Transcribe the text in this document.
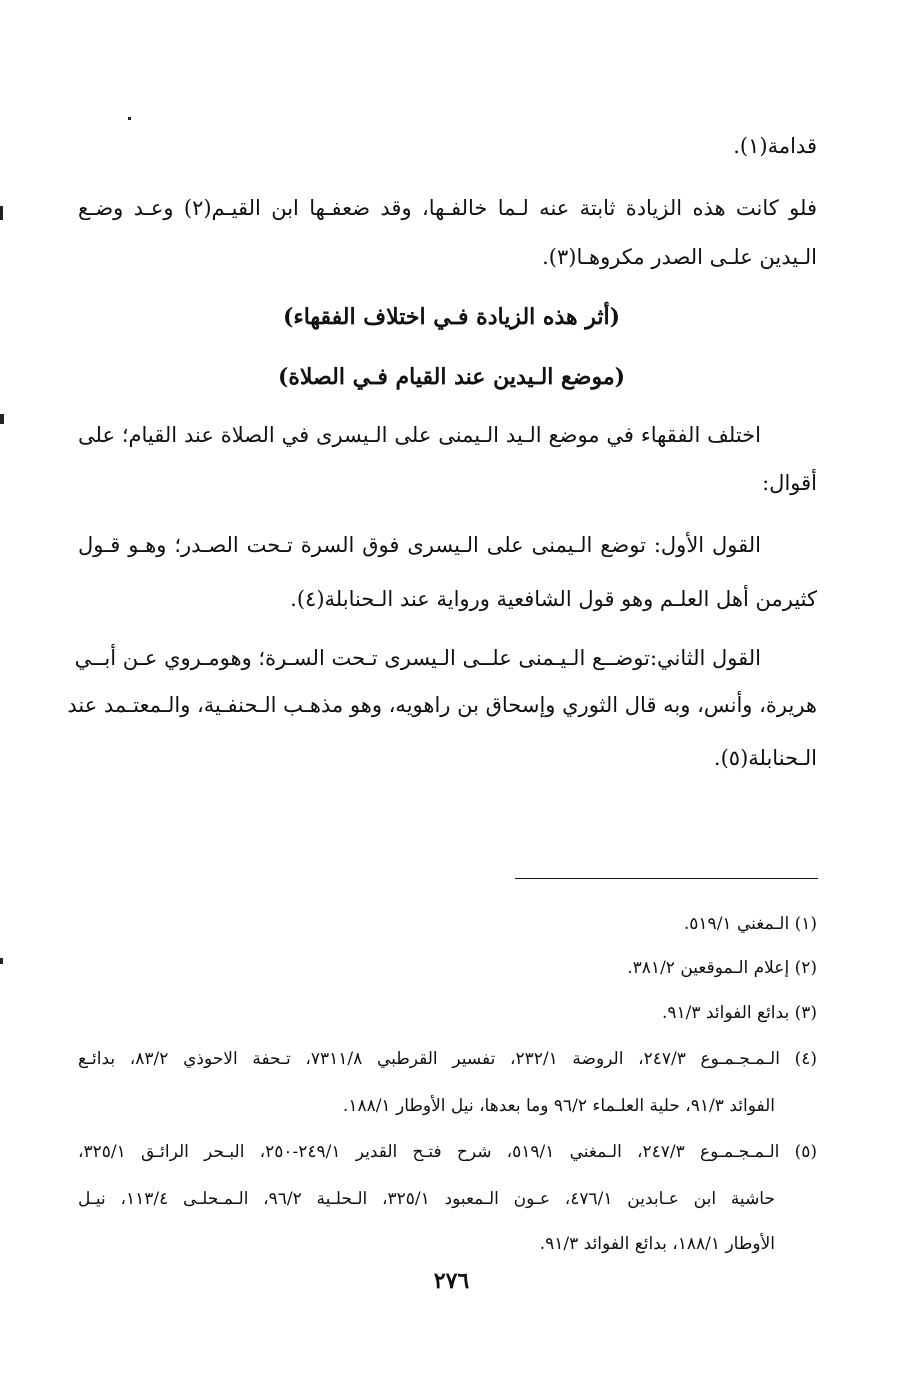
قدامة(١).
فلو كانت هذه الزيادة ثابتة عنه لـما خالفـها، وقد ضعفـها ابن القيـم(٢) وعـد وضـع
الـيدين علـى الصدر مكروهـا(٣).
(أثر هذه الزيادة فـي اختلاف الفقهاء)
(موضع الـيدين عند القيام فـي الصلاة)
اختلف الفقهاء في موضع الـيد الـيمنى على الـيسرى في الصلاة عند القيام؛ على
أقوال:
القول الأول: توضع الـيمنى على الـيسرى فوق السرة تـحت الصـدر؛ وهـو قـول
كثيرمن أهل العلـم وهو قول الشافعية ورواية عند الـحنابلة(٤).
القول الثاني:توضــع الـيـمنى علــى الـيسرى تـحت السـرة؛ وهومـروي عـن أبــي
هريرة، وأنس، وبه قال الثوري وإسحاق بن راهويه، وهو مذهـب الـحنفـية، والـمعتـمد عند
الـحنابلة(٥).
(١) الـمغني ٥١٩/١.
(٢) إعلام الـموقعين ٣٨١/٢.
(٣) بدائع الفوائد ٩١/٣.
(٤) الـمـجـمـوع ٢٤٧/٣، الروضة ٢٣٢/١، تفسير القرطبي ٧٣١١/٨، تـحفة الاحوذي ٨٣/٢، بدائـع
الفوائد ٩١/٣، حلية العلـماء ٩٦/٢ وما بعدها، نيل الأوطار ١٨٨/١.
(٥) الـمـجـمـوع ٢٤٧/٣، الـمغني ٥١٩/١، شرح فتـح القدير ٢٤٩/١-٢٥٠، البـحر الرائـق ٣٢٥/١،
حاشية ابن عـابدين ٤٧٦/١، عـون الـمعبود ٣٢٥/١، الـحلـية ٩٦/٢، الـمـحلـى ١١٣/٤، نيـل
الأوطار ١٨٨/١، بدائع الفوائد ٩١/٣.
٢٧٦
